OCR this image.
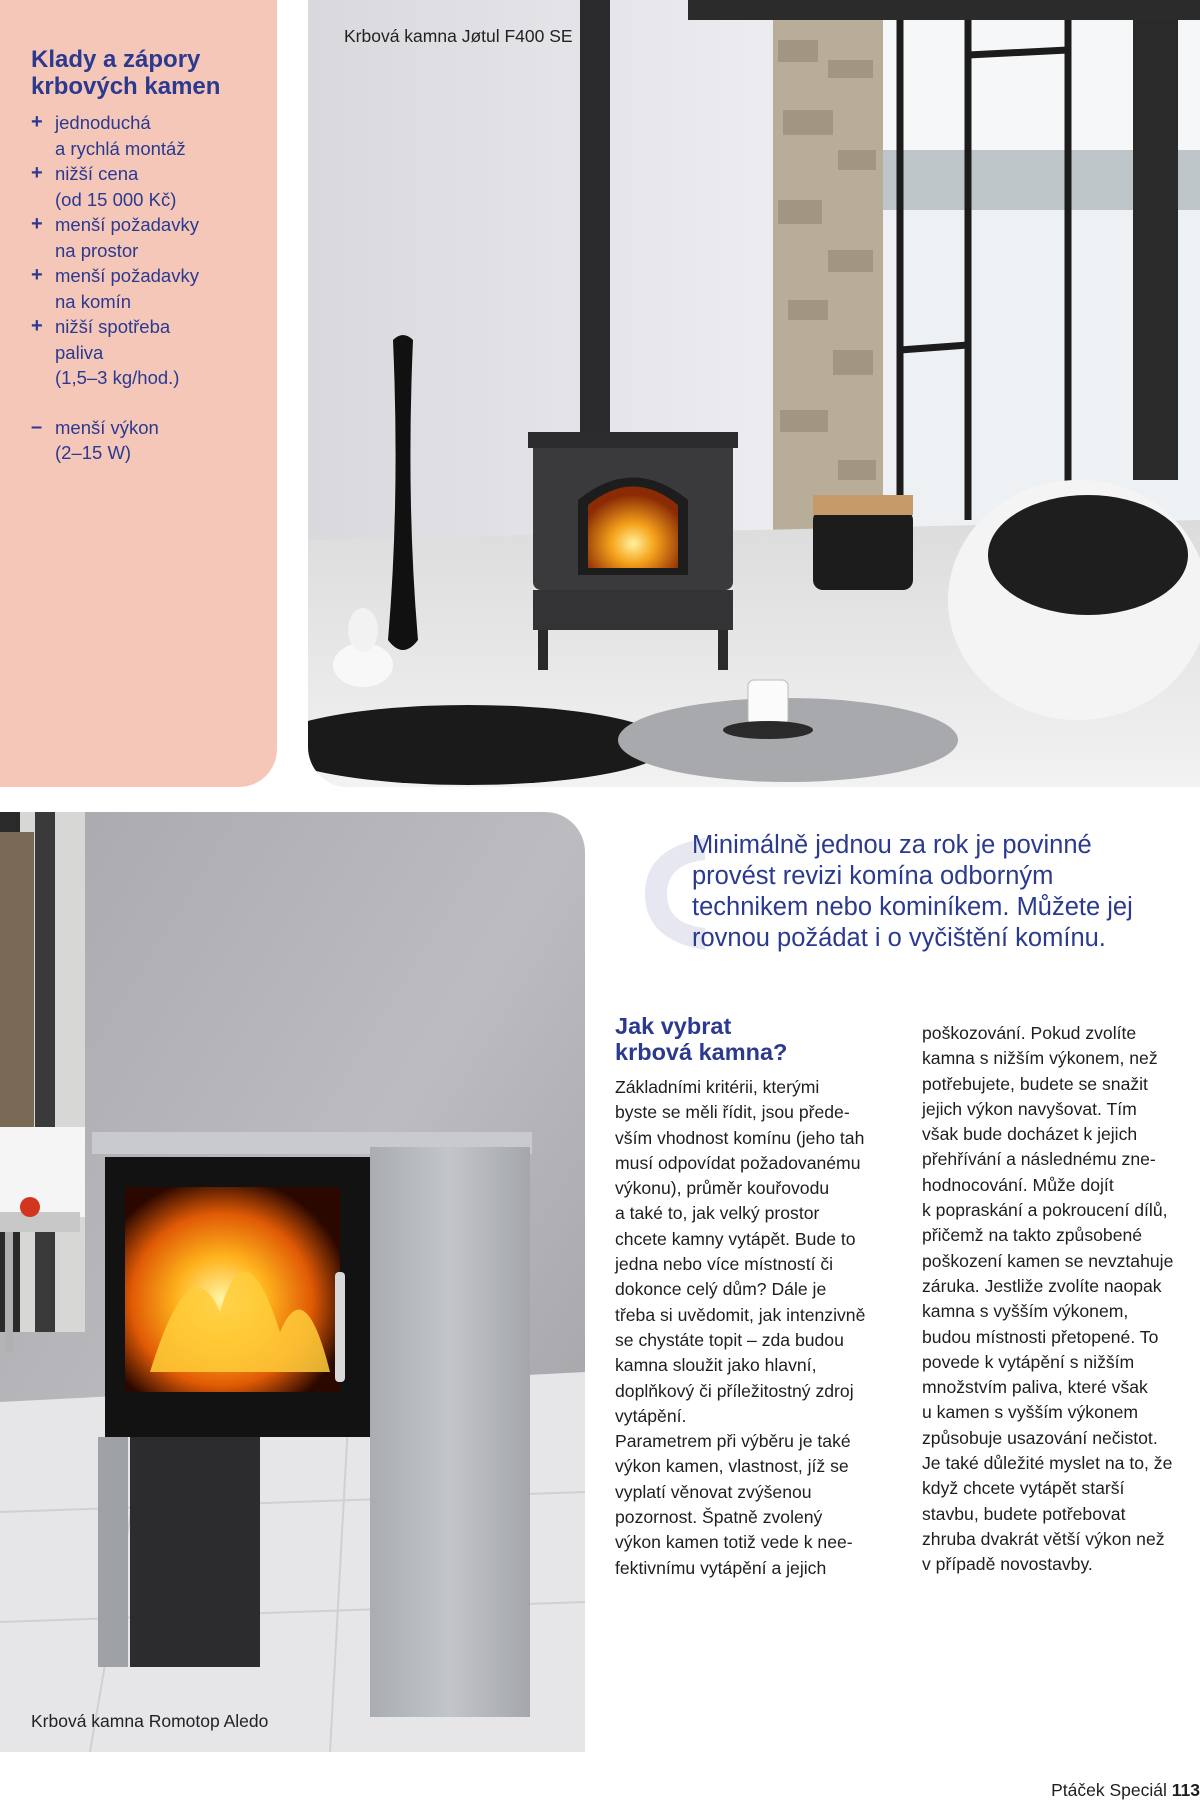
Klady a zápory
krbových kamen
+ jednoduchá
a rychlá montáž
+ nižší cena
(od 15 000 Kč)
+ menší požadavky
na prostor
+ menší požadavky
na komín
+ nižší spotřeba
paliva
(1,5–3 kg/hod.)
– menší výkon
(2–15 W)
Krbová kamna Jøtul F400 SE
Krbová kamna Romotop Aledo
Minimálně jednou za rok je povinné
provést revizi komína odborným
technikem nebo kominíkem. Můžete jej
rovnou požádat i o vyčištění komínu.
Jak vybrat
krbová kamna?

Základními kritérii, kterými
byste se měli řídit, jsou přede-
vším vhodnost komínu (jeho tah
musí odpovídat požadovanému
výkonu), průměr kouřovodu
a také to, jak velký prostor
chcete kamny vytápět. Bude to
jedna nebo více místností či
dokonce celý dům? Dále je
třeba si uvědomit, jak intenzivně
se chystáte topit – zda budou
kamna sloužit jako hlavní,
doplňkový či příležitostný zdroj
vytápění.
Parametrem při výběru je také
výkon kamen, vlastnost, jíž se
vyplatí věnovat zvýšenou
pozornost. Špatně zvolený
výkon kamen totiž vede k nee-
fektivnímu vytápění a jejich

poškozování. Pokud zvolíte
kamna s nižším výkonem, než
potřebujete, budete se snažit
jejich výkon navyšovat. Tím
však bude docházet k jejich
přehřívání a následnému zne-
hodnocování. Může dojít
k popraskání a pokroucení dílů,
přičemž na takto způsobené
poškození kamen se nevztahuje
záruka. Jestliže zvolíte naopak
kamna s vyšším výkonem,
budou místnosti přetopené. To
povede k vytápění s nižším
množstvím paliva, které však
u kamen s vyšším výkonem
způsobuje usazování nečistot.
Je také důležité myslet na to, že
když chcete vytápět starší
stavbu, budete potřebovat
zhruba dvakrát větší výkon než
v případě novostavby.

Ptáček Speciál 113
